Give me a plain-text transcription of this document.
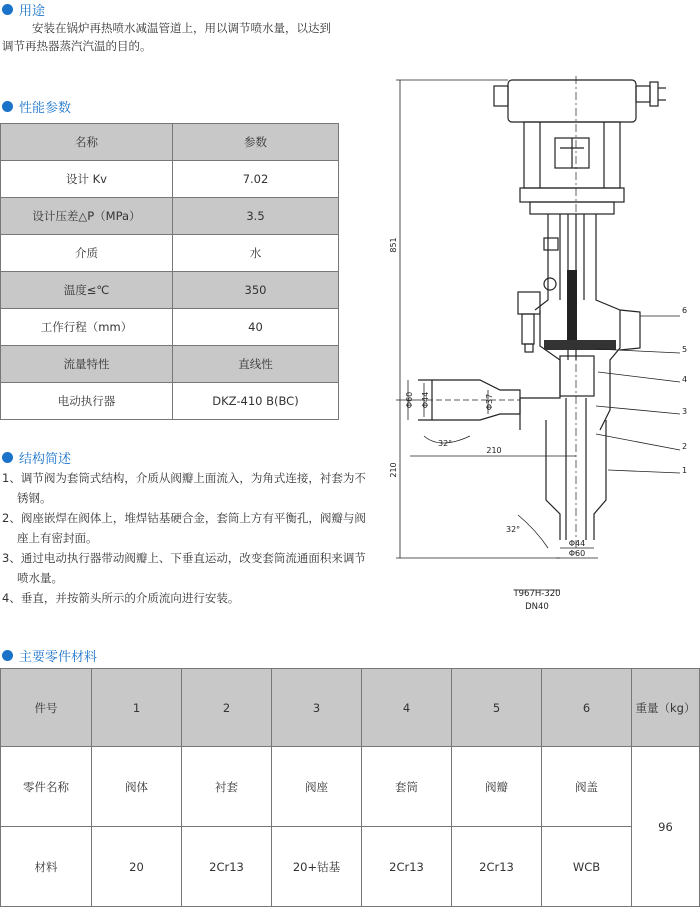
用途
安装在锅炉再热喷水减温管道上，用以调节喷水量，以达到调节再热器蒸汽汽温的目的。
性能参数
名称	参数
设计 Kv	7.02
设计压差△P（MPa）	3.5
介质	水
温度≤℃	350
工作行程（mm）	40
流量特性	直线性
电动执行器	DKZ-410 B(BC)
结构简述
1、调节阀为套筒式结构，介质从阀瓣上面流入，为角式连接，衬套为不锈钢。
2、阀座嵌焊在阀体上，堆焊钴基硬合金，套筒上方有平衡孔，阀瓣与阀座上有密封面。
3、通过电动执行器带动阀瓣上、下垂直运动，改变套筒流通面积来调节喷水量。
4、垂直，并按箭头所示的介质流向进行安装。
851
210
Φ60 Φ44	Φ37
210
32°
32°
Φ44
Φ60
6
5
4
3
2
1
T967H-320
DN40
主要零件材料
件号	1	2	3	4	5	6	重量（kg）
零件名称	阀体	衬套	阀座	套筒	阀瓣	阀盖	96
材料	20	2Cr13	20+钴基	2Cr13	2Cr13	WCB	
